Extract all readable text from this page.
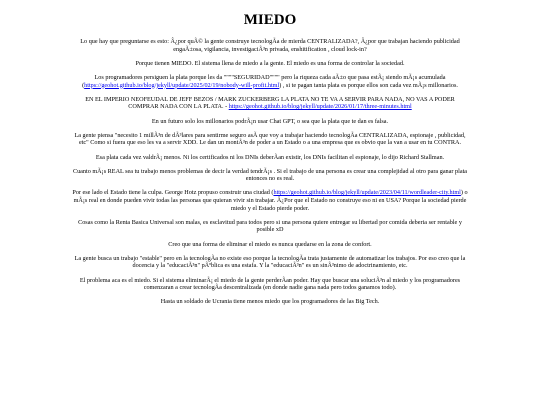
MIEDO

Lo que hay que preguntarse es esto: Â¿por quÃ© la gente construye tecnologÃa de mierda CENTRALIZADA?, Â¿por que trabajan haciendo publicidad engaÃ±osa, vigilancia, investigaciÃ³n privada, enshitification , cloud lock-in?

Porque tienen MIEDO. El sistema llena de miedo a la gente. El miedo es una forma de controlar la sociedad.

Los programadores persiguen la plata porque les da """"SEGURIDAD"""" pero la riqueza cada aÃ±o que pasa estÃ¡ siendo mÃ¡s acumulada (https://geohot.github.io/blog/jekyll/update/2025/02/19/nobody-will-profit.html) , si te pagan tanta plata es porque ellos son cada vez mÃ¡s millonarios.

EN EL IMPERIO NEOFEUDAL DE JEFF BEZOS / MARK ZUCKERBERG LA PLATA NO TE VA A SERVIR PARA NADA, NO VAS A PODER COMPRAR NADA CON LA PLATA. - https://geohot.github.io/blog/jekyll/update/2026/01/17/three-minutes.html

En un futuro solo los millonarios podrÃ¡n usar Chat GPT, o sea que la plata que te dan es falsa.

La gente piensa "necesito 1 millÃ³n de dÃ³lares para sentirme seguro asÃ que voy a trabajar haciendo tecnologÃa CENTRALIZADA, espionaje , publicidad, etc" Como si fuera que eso les va a servir XDD. Le dan un montÃ³n de poder a un Estado o a una empresa que es obvio que la van a usar en tu CONTRA.

Esa plata cada vez valdrÃ¡ menos. Ni los certificados ni los DNIs deberÃan existir, los DNIs facilitan el espionaje, lo dijo Richard Stallman.

Cuanto mÃ¡s REAL sea tu trabajo menos problemas de decir la verdad tendrÃ¡s . Si el trabajo de una persona es crear una complejidad al otro para ganar plata entonces no es real.

Por ese lado el Estado tiene la culpa. George Hotz propuso construir una ciudad (https://geohot.github.io/blog/jekyll/update/2023/04/11/wordleader-city.html) o mÃ¡s real en donde pueden vivir todas las personas que quieran vivir sin trabajar. Â¿Por que el Estado no construye eso ni en USA? Porque la sociedad pierde miedo y el Estado pierde poder.

Cosas como la Renta Basica Universal son malas, es esclavitud para todos pero si una persona quiere entregar su libertad por comida deberia ser rentable y posible xD

Creo que una forma de eliminar el miedo es nunca quedarse en la zona de confort.

La gente busca un trabajo "estable" pero en la tecnologÃa no existe eso porque la tecnologÃa trata justamente de automatizar los trabajos. Por eso creo que la docencia y la "educaciÃ³n" pÃºblica es una estafa. Y la "educaciÃ³n" es un sinÃ³nimo de adoctrinamiento, etc.

El problema aca es el miedo. Si el sistema eliminarÃ¡ el miedo de la gente perderÃan poder. Hay que buscar una soluciÃ³n al miedo y los programadores comenzaran a crear tecnologÃa descentralizada (en donde nadie gana nada pero todos ganamos todo).

Hasta un soldado de Ucrania tiene menos miedo que los programadores de las Big Tech.
